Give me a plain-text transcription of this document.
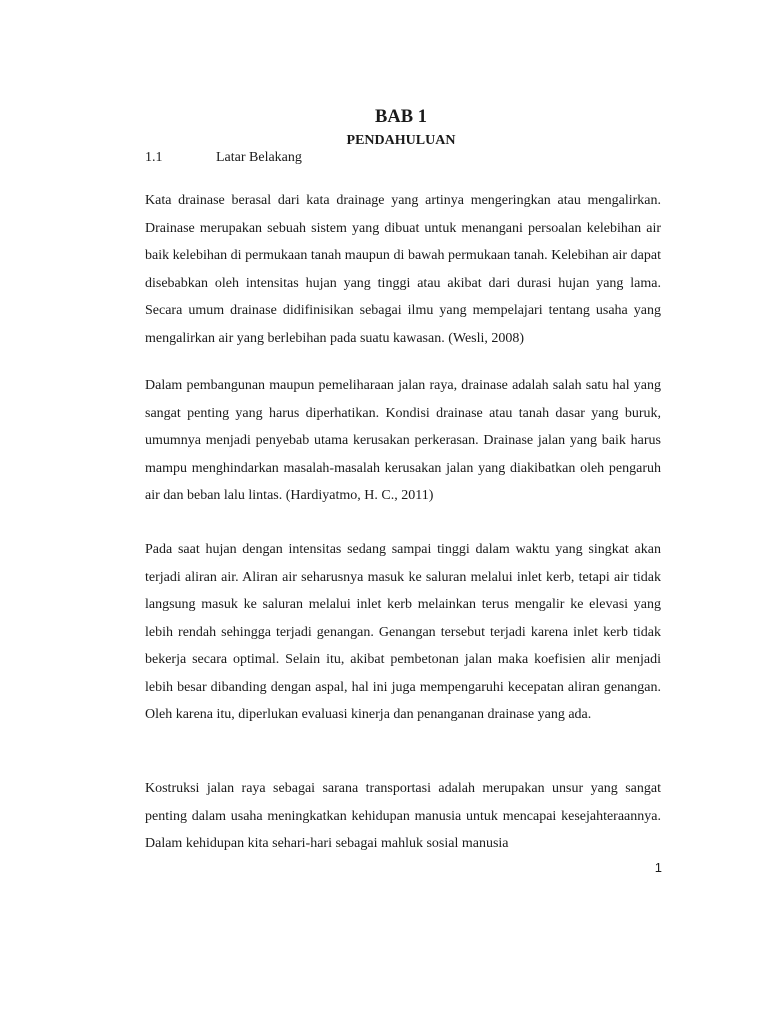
BAB 1
PENDAHULUAN
1.1	Latar Belakang

Kata drainase berasal dari kata drainage yang artinya mengeringkan atau mengalirkan. Drainase merupakan sebuah sistem yang dibuat untuk menangani persoalan kelebihan air baik kelebihan di permukaan tanah maupun di bawah permukaan tanah. Kelebihan air dapat disebabkan oleh intensitas hujan yang tinggi atau akibat dari durasi hujan yang lama. Secara umum drainase didifinisikan sebagai ilmu yang mempelajari tentang usaha yang mengalirkan air yang berlebihan pada suatu kawasan. (Wesli, 2008)

Dalam pembangunan maupun pemeliharaan jalan raya, drainase adalah salah satu hal yang sangat penting yang harus diperhatikan. Kondisi drainase atau tanah dasar yang buruk, umumnya menjadi penyebab utama kerusakan perkerasan. Drainase jalan yang baik harus mampu menghindarkan masalah-masalah kerusakan jalan yang diakibatkan oleh pengaruh air dan beban lalu lintas. (Hardiyatmo, H. C., 2011)

Pada saat hujan dengan intensitas sedang sampai tinggi dalam waktu yang singkat akan terjadi aliran air. Aliran air seharusnya masuk ke saluran melalui inlet kerb, tetapi air tidak langsung masuk ke saluran melalui inlet kerb melainkan terus mengalir ke elevasi yang lebih rendah sehingga terjadi genangan. Genangan tersebut terjadi karena inlet kerb tidak bekerja secara optimal. Selain itu, akibat pembetonan jalan maka koefisien alir menjadi lebih besar dibanding dengan aspal, hal ini juga mempengaruhi kecepatan aliran genangan. Oleh karena itu, diperlukan evaluasi kinerja dan penanganan drainase yang ada.

Kostruksi jalan raya sebagai sarana transportasi adalah merupakan unsur yang sangat penting dalam usaha meningkatkan kehidupan manusia untuk mencapai kesejahteraannya. Dalam kehidupan kita sehari-hari sebagai mahluk sosial manusia

1
